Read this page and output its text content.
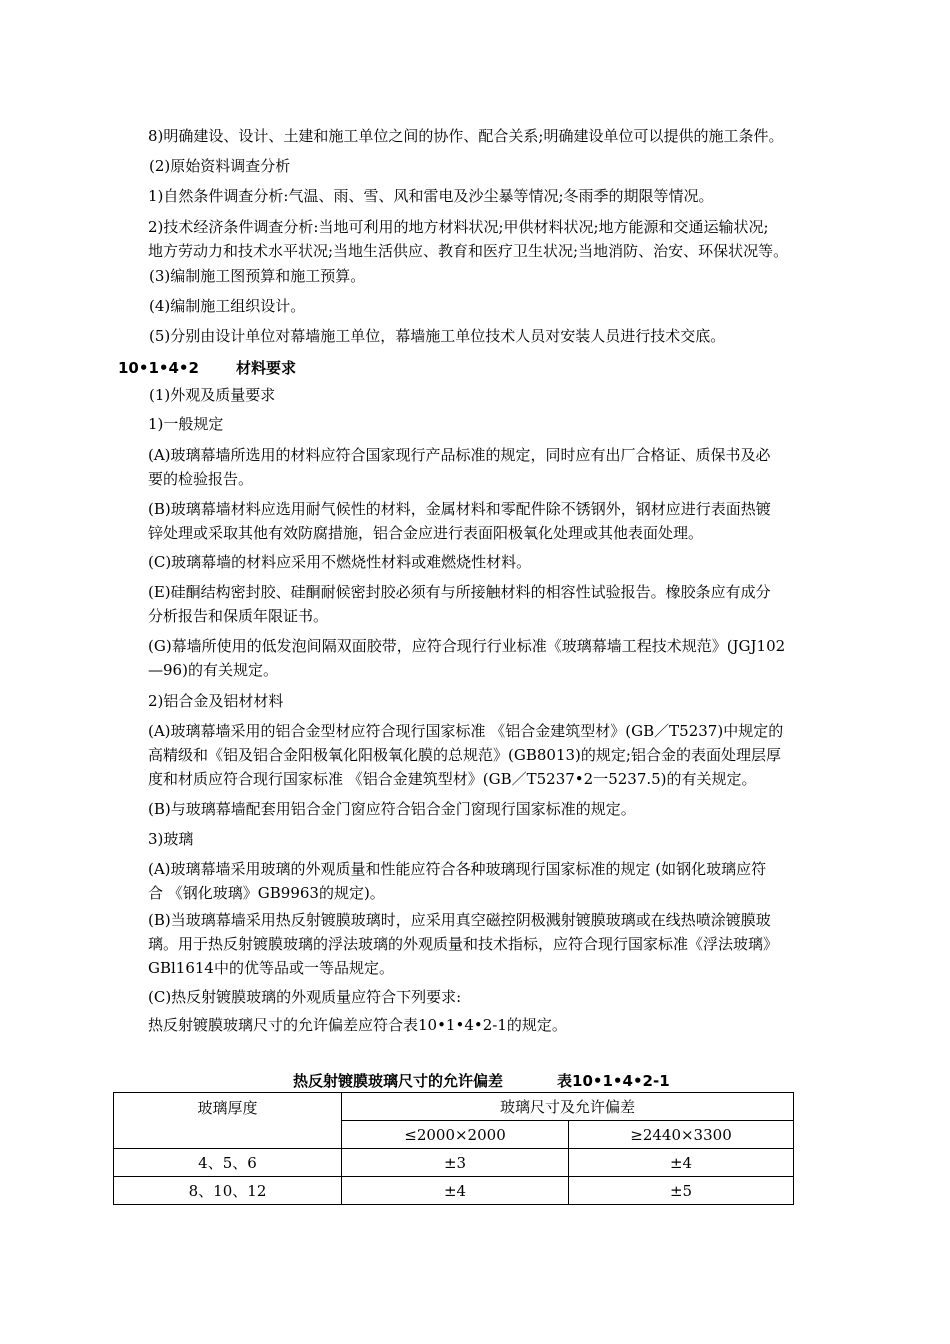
8)明确建设、设计、土建和施工单位之间的协作、配合关系;明确建设单位可以提供的施工条件。
(2)原始资料调查分析
1)自然条件调查分析:气温、雨、雪、风和雷电及沙尘暴等情况;冬雨季的期限等情况。
2)技术经济条件调查分析:当地可利用的地方材料状况;甲供材料状况;地方能源和交通运输状况;
地方劳动力和技术水平状况;当地生活供应、教育和医疗卫生状况;当地消防、治安、环保状况等。
(3)编制施工图预算和施工预算。
(4)编制施工组织设计。
(5)分别由设计单位对幕墙施工单位，幕墙施工单位技术人员对安装人员进行技术交底。
10•1•4•2 材料要求
(1)外观及质量要求
1)一般规定
(A)玻璃幕墙所选用的材料应符合国家现行产品标准的规定，同时应有出厂合格证、质保书及必
要的检验报告。
(B)玻璃幕墙材料应选用耐气候性的材料，金属材料和零配件除不锈钢外，钢材应进行表面热镀
锌处理或采取其他有效防腐措施，铝合金应进行表面阳极氧化处理或其他表面处理。
(C)玻璃幕墙的材料应采用不燃烧性材料或难燃烧性材料。
(E)硅酮结构密封胶、硅酮耐候密封胶必须有与所接触材料的相容性试验报告。橡胶条应有成分
分析报告和保质年限证书。
(G)幕墙所使用的低发泡间隔双面胶带，应符合现行行业标准《玻璃幕墙工程技术规范》(JGJ102
—96)的有关规定。
2)铝合金及铝材材料
(A)玻璃幕墙采用的铝合金型材应符合现行国家标准 《铝合金建筑型材》(GB／T5237)中规定的
高精级和《铝及铝合金阳极氧化阳极氧化膜的总规范》(GB8013)的规定;铝合金的表面处理层厚
度和材质应符合现行国家标准 《铝合金建筑型材》(GB／T5237•2一5237.5)的有关规定。
(B)与玻璃幕墙配套用铝合金门窗应符合铝合金门窗现行国家标准的规定。
3)玻璃
(A)玻璃幕墙采用玻璃的外观质量和性能应符合各种玻璃现行国家标准的规定 (如钢化玻璃应符
合 《钢化玻璃》GB9963的规定)。
(B)当玻璃幕墙采用热反射镀膜玻璃时，应采用真空磁控阴极溅射镀膜玻璃或在线热喷涂镀膜玻
璃。用于热反射镀膜玻璃的浮法玻璃的外观质量和技术指标，应符合现行国家标准《浮法玻璃》
GBl1614中的优等品或一等品规定。
(C)热反射镀膜玻璃的外观质量应符合下列要求:
热反射镀膜玻璃尺寸的允许偏差应符合表10•1•4•2-1的规定。
热反射镀膜玻璃尺寸的允许偏差	表10•1•4•2-1
玻璃厚度	玻璃尺寸及允许偏差	
	≤2000×2000	≥2440×3300
4、5、6	±3	±4
8、10、12	±4	±5
